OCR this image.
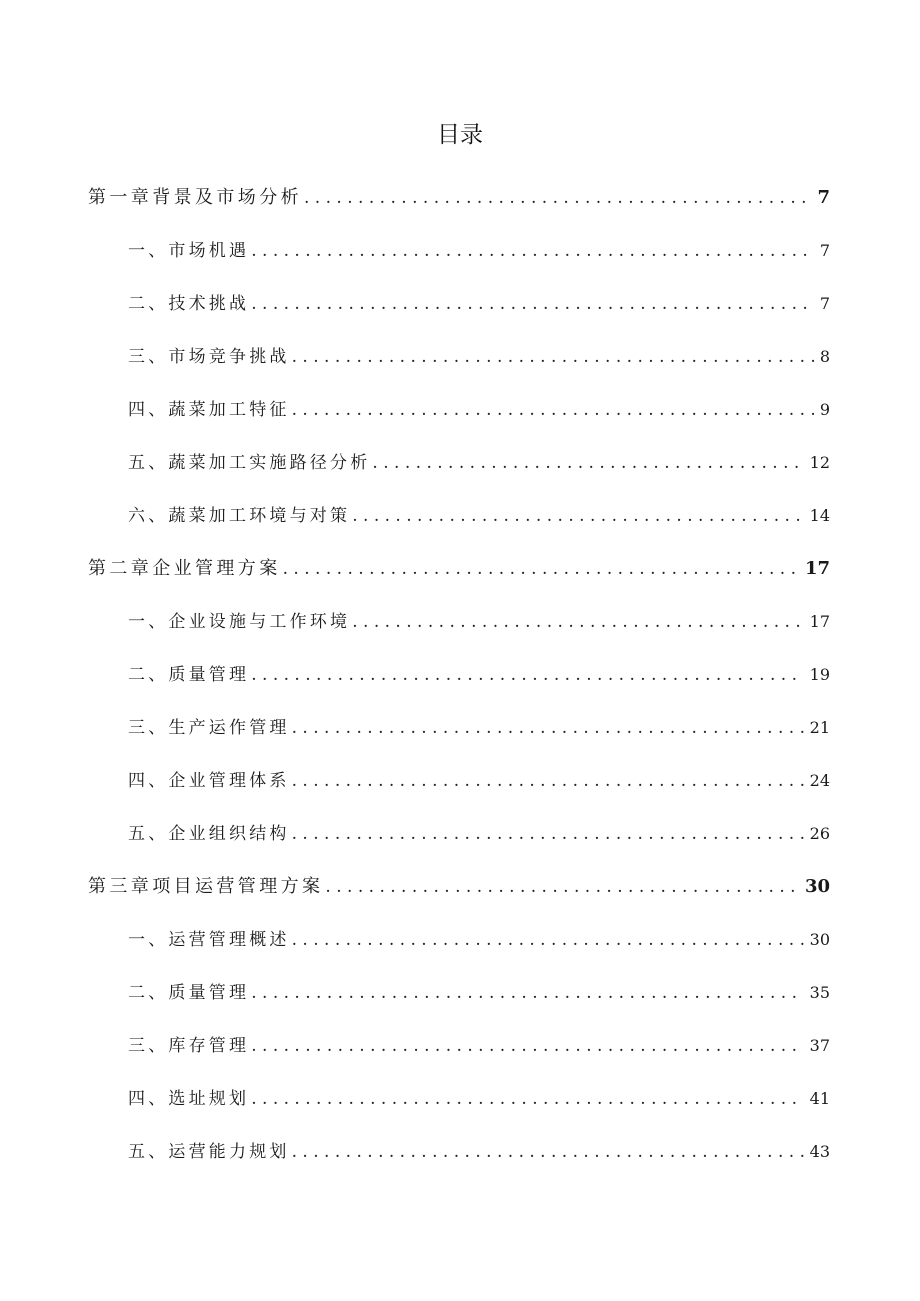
目录
第一章背景及市场分析 . . .	7
一、市场机遇 . . .	7
二、技术挑战 . . .	7
三、市场竞争挑战 . . .	8
四、蔬菜加工特征 . . .	9
五、蔬菜加工实施路径分析 . . .	12
六、蔬菜加工环境与对策 . . .	14
第二章企业管理方案 . . .	17
一、企业设施与工作环境 . . .	17
二、质量管理 . . .	19
三、生产运作管理 . . .	21
四、企业管理体系 . . .	24
五、企业组织结构 . . .	26
第三章项目运营管理方案 . . .	30
一、运营管理概述 . . .	30
二、质量管理 . . .	35
三、库存管理 . . .	37
四、选址规划 . . .	41
五、运营能力规划 . . .	43
